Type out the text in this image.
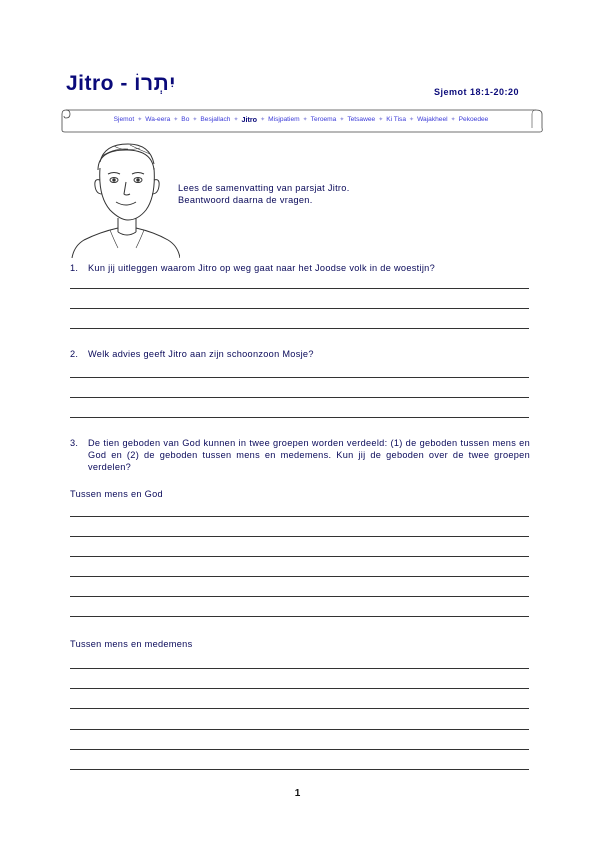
Jitro - יִתְרוֹ	Sjemot 18:1-20:20
Sjemot ✦ Wa-eera ✦ Bo ✦ Besjallach ✦ Jitro ✦ Misjpatiem ✦ Teroema ✦ Tetsawee ✦ Ki Tisa ✦ Wajakheel ✦ Pekoedee
Lees de samenvatting van parsjat Jitro.
Beantwoord daarna de vragen.
1. Kun jij uitleggen waarom Jitro op weg gaat naar het Joodse volk in de woestijn?
2. Welk advies geeft Jitro aan zijn schoonzoon Mosje?
3. De tien geboden van God kunnen in twee groepen worden verdeeld: (1) de geboden tussen mens en God en (2) de geboden tussen mens en medemens. Kun jij de geboden over de twee groepen verdelen?
Tussen mens en God
Tussen mens en medemens
1
